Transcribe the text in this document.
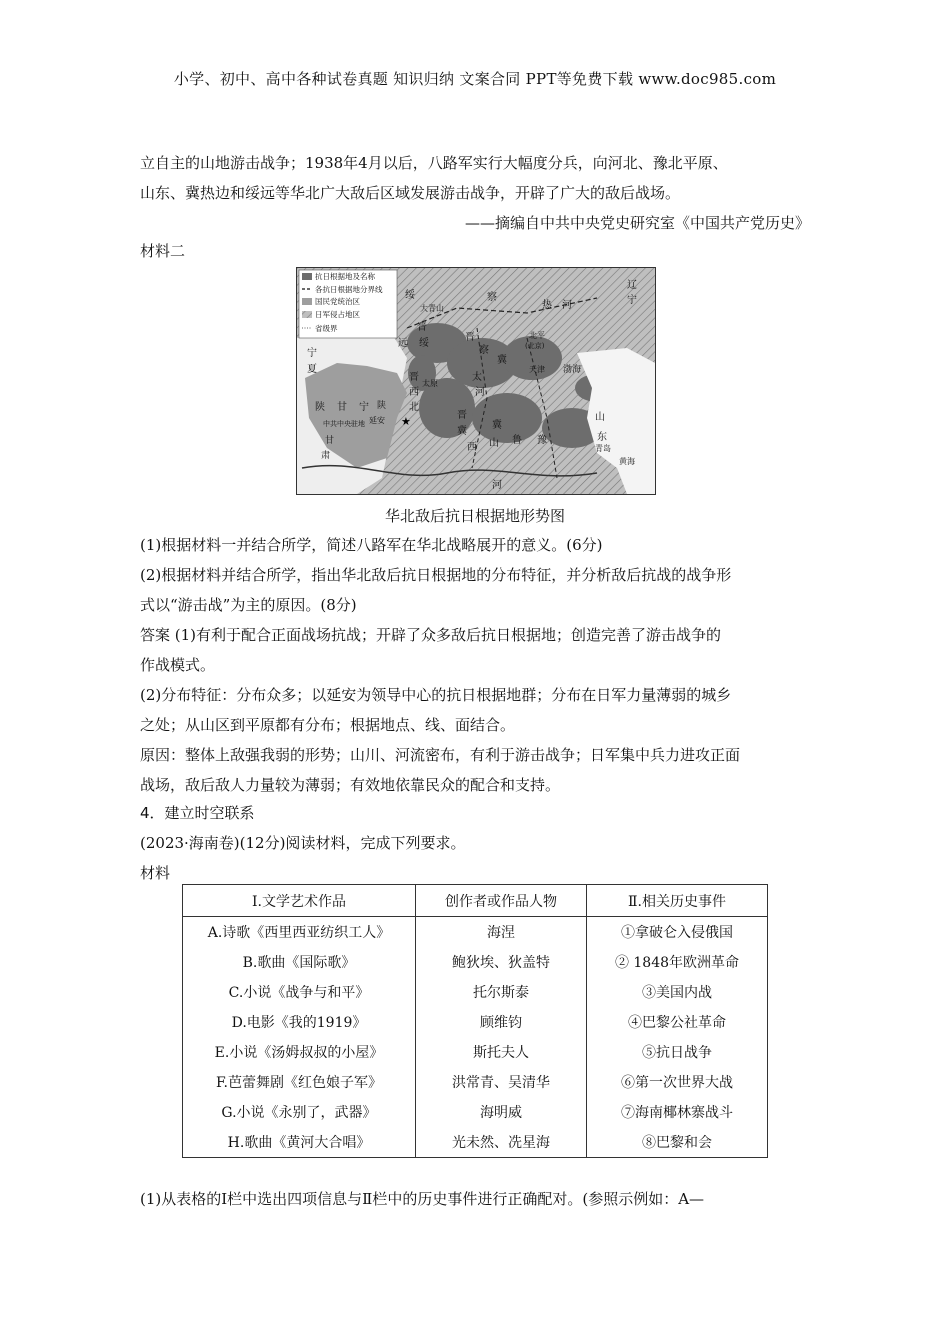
小学、初中、高中各种试卷真题 知识归纳 文案合同 PPT等免费下载 www.doc985.com
立自主的山地游击战争；1938年4月以后，八路军实行大幅度分兵，向河北、豫北平原、
山东、冀热边和绥远等华北广大敌后区域发展游击战争，开辟了广大的敌后战场。
——摘编自中共中央党史研究室《中国共产党历史》
材料二
抗日根据地及名称
各抗日根据地分界线
国民党统治区
日军侵占地区
省级界
宁
夏
绥
远
大青山
察
热 河
辽
宁
晋
绥
晋
察
冀
北平
(北京)
天津 渤海
陕 甘 宁
延安
中共中央驻地
陕
甘
肃
晋
西
北
太原
太
河
冀
鲁 豫
晋
冀
西 山
山
东
青岛
黄海
河
★
华北敌后抗日根据地形势图
(1)根据材料一并结合所学，简述八路军在华北战略展开的意义。(6分)
(2)根据材料并结合所学，指出华北敌后抗日根据地的分布特征，并分析敌后抗战的战争形
式以“游击战”为主的原因。(8分)
答案 (1)有利于配合正面战场抗战；开辟了众多敌后抗日根据地；创造完善了游击战争的
作战模式。
(2)分布特征：分布众多；以延安为领导中心的抗日根据地群；分布在日军力量薄弱的城乡
之处；从山区到平原都有分布；根据地点、线、面结合。
原因：整体上敌强我弱的形势；山川、河流密布，有利于游击战争；日军集中兵力进攻正面
战场，敌后敌人力量较为薄弱；有效地依靠民众的配合和支持。
4．建立时空联系
(2023·海南卷)(12分)阅读材料，完成下列要求。
材料
Ⅰ.文学艺术作品	创作者或作品人物	Ⅱ.相关历史事件
A.诗歌《西里西亚纺织工人》	海涅	①拿破仑入侵俄国
B.歌曲《国际歌》	鲍狄埃、狄盖特	② 1848年欧洲革命
C.小说《战争与和平》	托尔斯泰	③美国内战
D.电影《我的1919》	顾维钧	④巴黎公社革命
E.小说《汤姆叔叔的小屋》	斯托夫人	⑤抗日战争
F.芭蕾舞剧《红色娘子军》	洪常青、吴清华	⑥第一次世界大战
G.小说《永别了，武器》	海明威	⑦海南椰林寨战斗
H.歌曲《黄河大合唱》	光未然、冼星海	⑧巴黎和会
(1)从表格的Ⅰ栏中选出四项信息与Ⅱ栏中的历史事件进行正确配对。(参照示例如：A—
